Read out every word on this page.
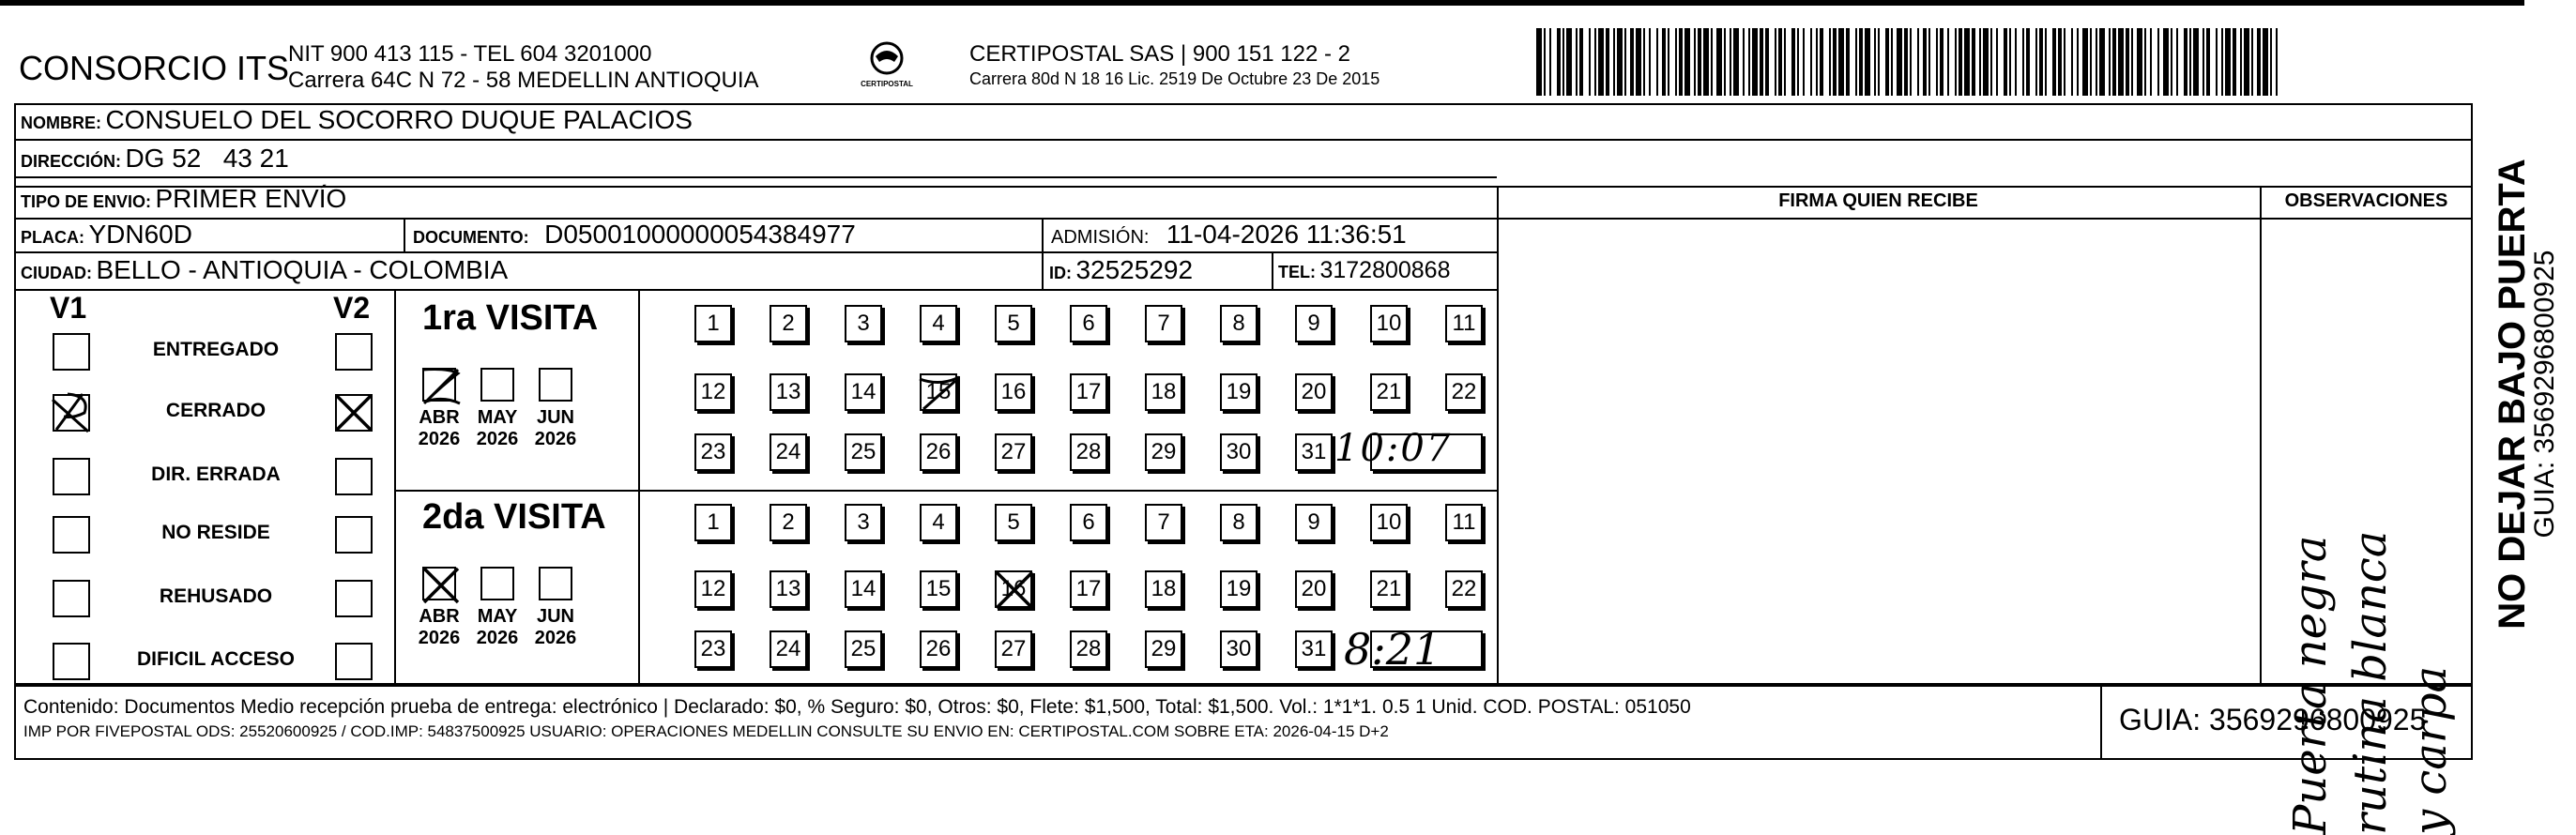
CONSORCIO ITS
NIT 900 413 115 - TEL 604 3201000
Carrera 64C N 72 - 58 MEDELLIN ANTIOQUIA	CERTIPOSTAL
CERTIPOSTAL SAS | 900 151 122 - 2
Carrera 80d N 18 16 Lic. 2519 De Octubre 23 De 2015
NOMBRE: CONSUELO DEL SOCORRO DUQUE PALACIOS
DIRECCIÓN: DG 52   43 21
TIPO DE ENVIO: PRIMER ENVÍO	FIRMA QUIEN RECIBE	OBSERVACIONES
PLACA: YDN60D	DOCUMENTO: D05001000000054384977	ADMISIÓN: 11-04-2026 11:36:51
CIUDAD: BELLO - ANTIOQUIA - COLOMBIA	ID: 32525292	TEL: 3172800868
V1	V2
ENTREGADO
CERRADO
DIR. ERRADA
NO RESIDE
REHUSADO
DIFICIL ACCESO
1ra VISITA
2da VISITA
ABR
2026
MAY
2026
JUN
2026
ABR
2026
MAY
2026
JUN
2026
1	2	3	4	5	6	7	8	9	10	11
12 13 14 15 16 17 18 19 20 21 22
23 24 25 26 27 28 29 30 31
1	2	3	4	5	6	7	8	9	10	11
12 13 14 15 16 17 18 19 20 21 22
23 24 25 26 27 28 29 30 31
10:07
8:21	Puerta negra rutina blanca y carpa
Contenido: Documentos Medio recepción prueba de entrega: electrónico | Declarado: $0, % Seguro: $0, Otros: $0, Flete: $1,500, Total: $1,500. Vol.: 1*1*1. 0.5 1 Unid. COD. POSTAL: 051050
IMP POR FIVEPOSTAL ODS: 25520600925 / COD.IMP: 54837500925 USUARIO: OPERACIONES MEDELLIN CONSULTE SU ENVIO EN: CERTIPOSTAL.COM SOBRE ETA: 2026-04-15 D+2	GUIA: 3569296800925
NO DEJAR BAJO PUERTA
GUIA: 3569296800925
